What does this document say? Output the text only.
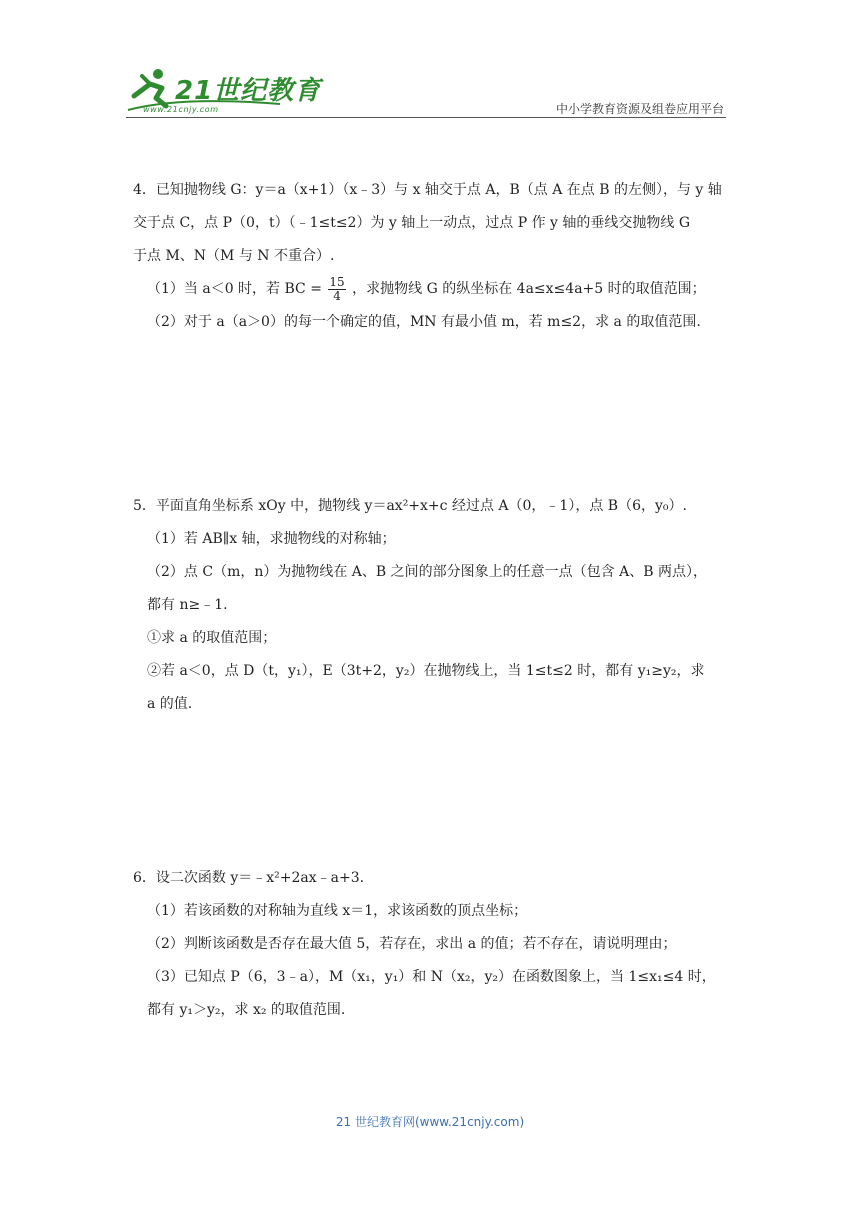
21世纪教育
www.21cnjy.com	中小学教育资源及组卷应用平台
4．已知抛物线 G：y＝a（x+1）（x﹣3）与 x 轴交于点 A，B（点 A 在点 B 的左侧），与 y 轴
交于点 C，点 P（0，t）（﹣1≤t≤2）为 y 轴上一动点，过点 P 作 y 轴的垂线交抛物线 G
于点 M、N（M 与 N 不重合）.
（1）当 a＜0 时，若 BC = $\frac{15}{4}$ ，求抛物线 G 的纵坐标在 4a≤x≤4a+5 时的取值范围；
（2）对于 a（a＞0）的每一个确定的值，MN 有最小值 m，若 m≤2，求 a 的取值范围.
5．平面直角坐标系 xOy 中，抛物线 y＝ax²+x+c 经过点 A（0，﹣1），点 B（6，y₀）.
（1）若 AB∥x 轴，求抛物线的对称轴；
（2）点 C（m，n）为抛物线在 A、B 之间的部分图象上的任意一点（包含 A、B 两点），
都有 n≥﹣1.
①求 a 的取值范围；
②若 a＜0，点 D（t，y₁），E（3t+2，y₂）在抛物线上，当 1≤t≤2 时，都有 y₁≥y₂，求
a 的值.
6．设二次函数 y＝﹣x²+2ax﹣a+3.
（1）若该函数的对称轴为直线 x＝1，求该函数的顶点坐标；
（2）判断该函数是否存在最大值 5，若存在，求出 a 的值；若不存在，请说明理由；
（3）已知点 P（6，3﹣a），M（x₁，y₁）和 N（x₂，y₂）在函数图象上，当 1≤x₁≤4 时，
都有 y₁＞y₂，求 x₂ 的取值范围.
21 世纪教育网(www.21cnjy.com)
